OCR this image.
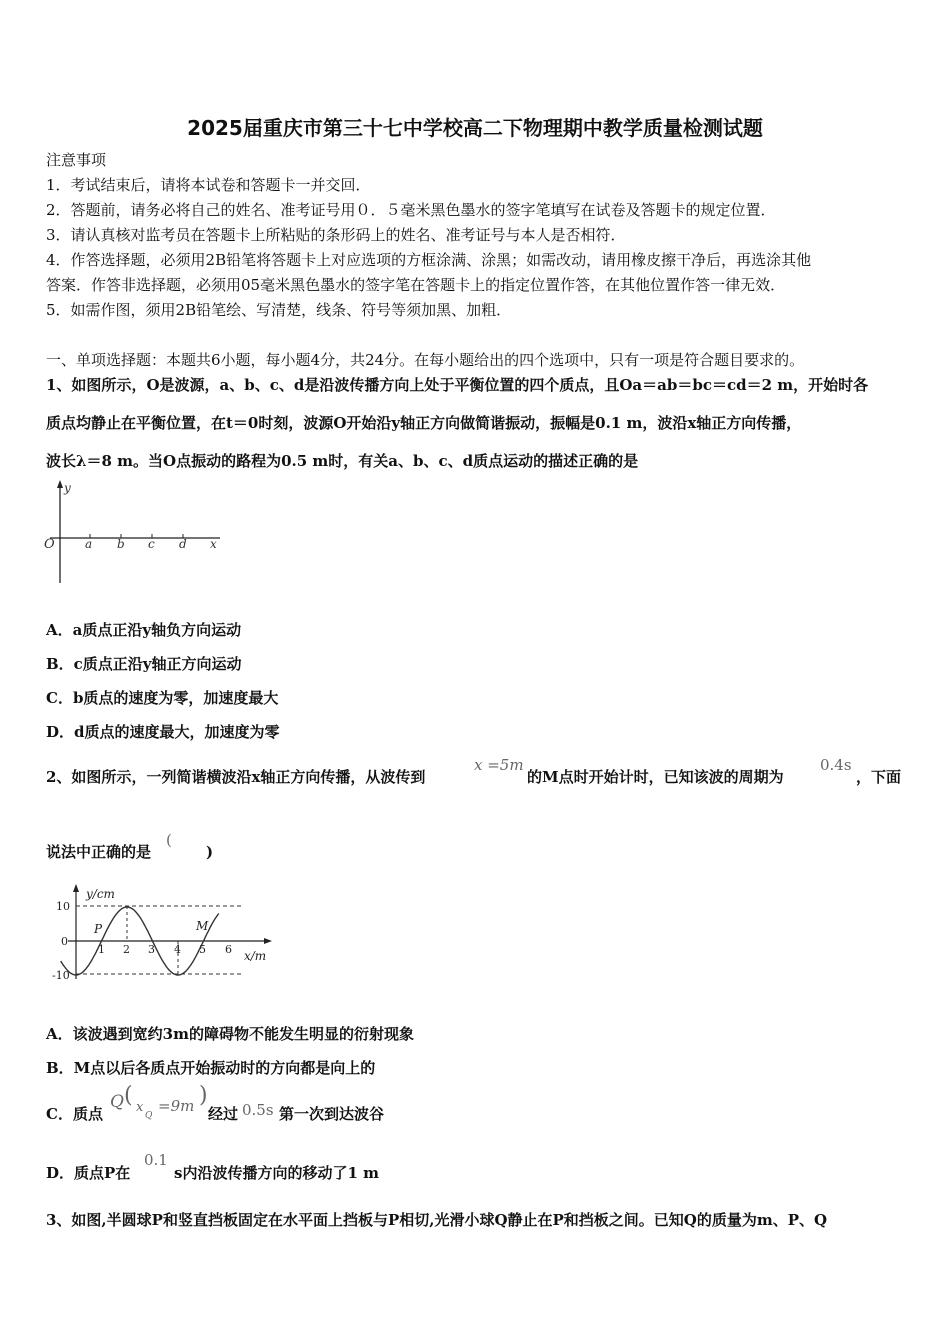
2025届重庆市第三十七中学校高二下物理期中教学质量检测试题
注意事项
1．考试结束后，请将本试卷和答题卡一并交回．
2．答题前，请务必将自己的姓名、准考证号用０．５毫米黑色墨水的签字笔填写在试卷及答题卡的规定位置．
3．请认真核对监考员在答题卡上所粘贴的条形码上的姓名、准考证号与本人是否相符．
4．作答选择题，必须用2B铅笔将答题卡上对应选项的方框涂满、涂黑；如需改动，请用橡皮擦干净后，再选涂其他
答案．作答非选择题，必须用05毫米黑色墨水的签字笔在答题卡上的指定位置作答，在其他位置作答一律无效．
5．如需作图，须用2B铅笔绘、写清楚，线条、符号等须加黑、加粗．
一、单项选择题：本题共6小题，每小题4分，共24分。在每小题给出的四个选项中，只有一项是符合题目要求的。
1、如图所示，O是波源，a、b、c、d是沿波传播方向上处于平衡位置的四个质点，且Oa＝ab＝bc＝cd＝2 m，开始时各
质点均静止在平衡位置，在t＝0时刻，波源O开始沿y轴正方向做简谐振动，振幅是0.1 m，波沿x轴正方向传播，
波长λ＝8 m。当O点振动的路程为0.5 m时，有关a、b、c、d质点运动的描述正确的是
y
O	a b c d x
A．a质点正沿y轴负方向运动
B．c质点正沿y轴正方向运动
C．b质点的速度为零，加速度最大
D．d质点的速度最大，加速度为零
2、如图所示，一列简谐横波沿x轴正方向传播，从波传到
x =5m
的M点时开始计时，已知该波的周期为
0.4s
，下面
说法中正确的是
(
)
y/cm
x/m
10
0
-10
1 2 3 4 5 6
P	M
A．该波遇到宽约3m的障碍物不能发生明显的衍射现象
B．M点以后各质点开始振动时的方向都是向上的
C．质点
Q ( x
Q
=9m )
经过 0.5s 第一次到达波谷
D．质点P在
0.1
s内沿波传播方向的移动了1 m
3、如图,半圆球P和竖直挡板固定在水平面上挡板与P相切,光滑小球Q静止在P和挡板之间。已知Q的质量为m、P、Q
